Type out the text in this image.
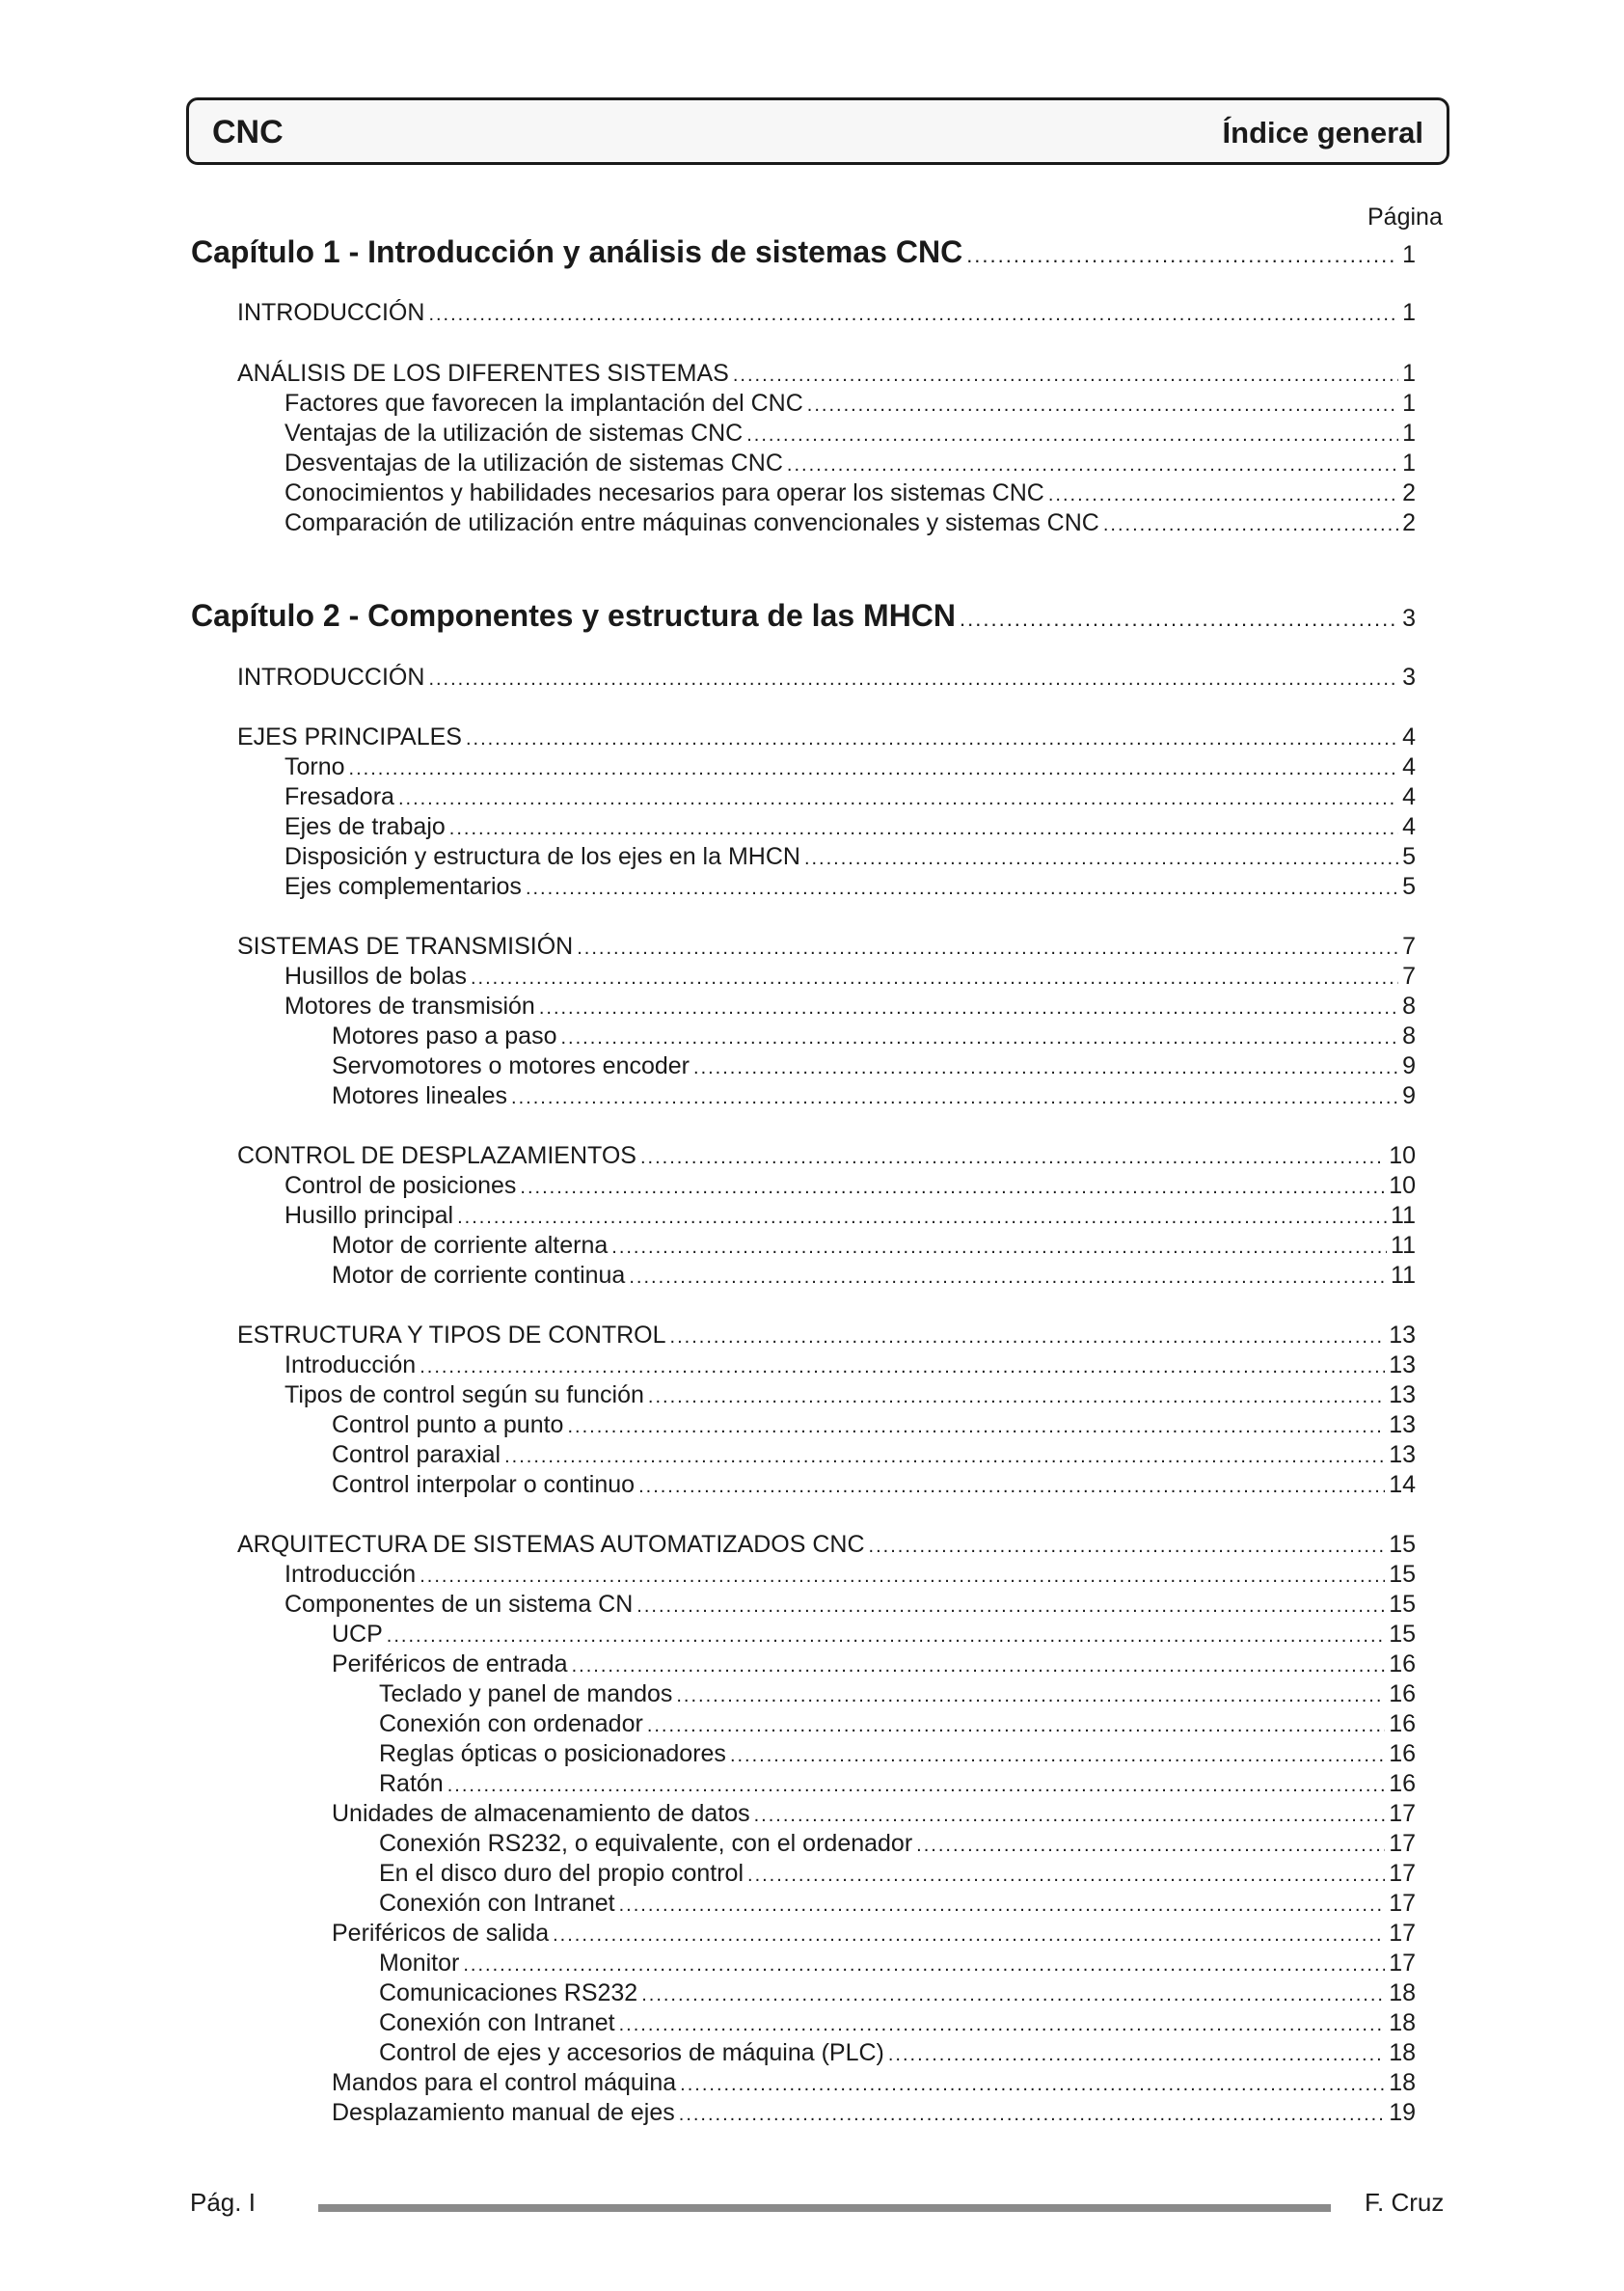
CNC	Índice general
Página
Capítulo 1 - Introducción y análisis de sistemas CNC .....	1
INTRODUCCIÓN .....	1
ANÁLISIS DE LOS DIFERENTES SISTEMAS .....	1
Factores que favorecen la implantación del CNC .....	1
Ventajas de la utilización de sistemas CNC .....	1
Desventajas de la utilización de sistemas CNC .....	1
Conocimientos y habilidades necesarios para operar los sistemas CNC .....	2
Comparación de utilización entre máquinas convencionales y sistemas CNC .....	2
Capítulo 2 - Componentes y estructura de las MHCN .....	3
INTRODUCCIÓN .....	3
EJES PRINCIPALES .....	4
Torno .....	4
Fresadora .....	4
Ejes de trabajo .....	4
Disposición y estructura de los ejes en la MHCN .....	5
Ejes complementarios .....	5
SISTEMAS DE TRANSMISIÓN .....	7
Husillos de bolas .....	7
Motores de transmisión .....	8
Motores paso a paso .....	8
Servomotores o motores encoder .....	9
Motores lineales .....	9
CONTROL DE DESPLAZAMIENTOS .....	10
Control de posiciones .....	10
Husillo principal .....	11
Motor de corriente alterna .....	11
Motor de corriente continua .....	11
ESTRUCTURA Y TIPOS DE CONTROL .....	13
Introducción .....	13
Tipos de control según su función .....	13
Control punto a punto .....	13
Control paraxial .....	13
Control interpolar o continuo .....	14
ARQUITECTURA DE SISTEMAS AUTOMATIZADOS CNC .....	15
Introducción .....	15
Componentes de un sistema CN .....	15
UCP .....	15
Periféricos de entrada .....	16
Teclado y panel de mandos .....	16
Conexión con ordenador .....	16
Reglas ópticas o posicionadores .....	16
Ratón .....	16
Unidades de almacenamiento de datos .....	17
Conexión RS232, o equivalente, con el ordenador .....	17
En el disco duro del propio control .....	17
Conexión con Intranet .....	17
Periféricos de salida .....	17
Monitor .....	17
Comunicaciones RS232 .....	18
Conexión con Intranet .....	18
Control de ejes y accesorios de máquina (PLC) .....	18
Mandos para el control máquina .....	18
Desplazamiento manual de ejes .....	19
Pág. I	F. Cruz
